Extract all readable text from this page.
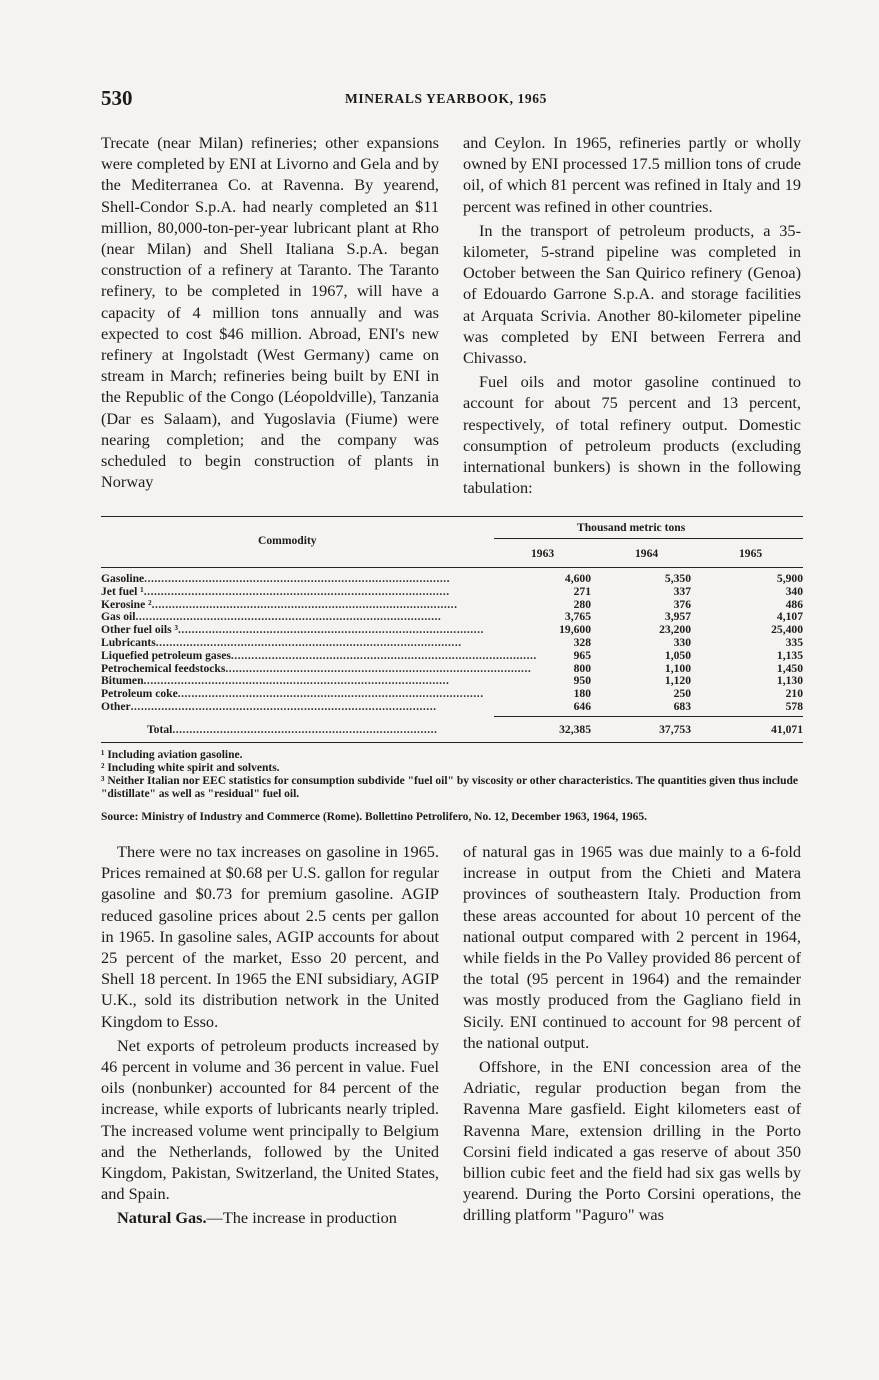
530	MINERALS YEARBOOK, 1965

Trecate (near Milan) refineries; other expansions were completed by ENI at Livorno and Gela and by the Mediterranea Co. at Ravenna. By yearend, Shell-Condor S.p.A. had nearly completed an $11 million, 80,000-ton-per-year lubricant plant at Rho (near Milan) and Shell Italiana S.p.A. began construction of a refinery at Taranto. The Taranto refinery, to be completed in 1967, will have a capacity of 4 million tons annually and was expected to cost $46 million. Abroad, ENI's new refinery at Ingolstadt (West Germany) came on stream in March; refineries being built by ENI in the Republic of the Congo (Léopoldville), Tanzania (Dar es Salaam), and Yugoslavia (Fiume) were nearing completion; and the company was scheduled to begin construction of plants in Norway

and Ceylon. In 1965, refineries partly or wholly owned by ENI processed 17.5 million tons of crude oil, of which 81 percent was refined in Italy and 19 percent was refined in other countries.

In the transport of petroleum products, a 35-kilometer, 5-strand pipeline was completed in October between the San Quirico refinery (Genoa) of Edouardo Garrone S.p.A. and storage facilities at Arquata Scrivia. Another 80-kilometer pipeline was completed by ENI between Ferrera and Chivasso.

Fuel oils and motor gasoline continued to account for about 75 percent and 13 percent, respectively, of total refinery output. Domestic consumption of petroleum products (excluding international bunkers) is shown in the following tabulation:

Commodity
Thousand metric tons
1963	1964	1965
Gasoline..........................................................................................	4,600	5,350	5,900
Jet fuel ¹..........................................................................................	271	337	340
Kerosine ²..........................................................................................	280	376	486
Gas oil..........................................................................................	3,765	3,957	4,107
Other fuel oils ³..........................................................................................	19,600	23,200	25,400
Lubricants..........................................................................................	328	330	335
Liquefied petroleum gases..........................................................................................	965	1,050	1,135
Petrochemical feedstocks..........................................................................................	800	1,100	1,450
Bitumen..........................................................................................	950	1,120	1,130
Petroleum coke..........................................................................................	180	250	210
Other..........................................................................................	646	683	578
Total..............................................................................	32,385	37,753	41,071
¹ Including aviation gasoline.
² Including white spirit and solvents.
³ Neither Italian nor EEC statistics for consumption subdivide "fuel oil" by viscosity or other characteristics. The quantities given thus include "distillate" as well as "residual" fuel oil.
Source: Ministry of Industry and Commerce (Rome). Bollettino Petrolifero, No. 12, December 1963, 1964, 1965.

There were no tax increases on gasoline in 1965. Prices remained at $0.68 per U.S. gallon for regular gasoline and $0.73 for premium gasoline. AGIP reduced gasoline prices about 2.5 cents per gallon in 1965. In gasoline sales, AGIP accounts for about 25 percent of the market, Esso 20 percent, and Shell 18 percent. In 1965 the ENI subsidiary, AGIP U.K., sold its distribution network in the United Kingdom to Esso.

Net exports of petroleum products increased by 46 percent in volume and 36 percent in value. Fuel oils (nonbunker) accounted for 84 percent of the increase, while exports of lubricants nearly tripled. The increased volume went principally to Belgium and the Netherlands, followed by the United Kingdom, Pakistan, Switzerland, the United States, and Spain.

Natural Gas.—The increase in production

of natural gas in 1965 was due mainly to a 6-fold increase in output from the Chieti and Matera provinces of southeastern Italy. Production from these areas accounted for about 10 percent of the national output compared with 2 percent in 1964, while fields in the Po Valley provided 86 percent of the total (95 percent in 1964) and the remainder was mostly produced from the Gagliano field in Sicily. ENI continued to account for 98 percent of the national output.

Offshore, in the ENI concession area of the Adriatic, regular production began from the Ravenna Mare gasfield. Eight kilometers east of Ravenna Mare, extension drilling in the Porto Corsini field indicated a gas reserve of about 350 billion cubic feet and the field had six gas wells by yearend. During the Porto Corsini operations, the drilling platform "Paguro" was
